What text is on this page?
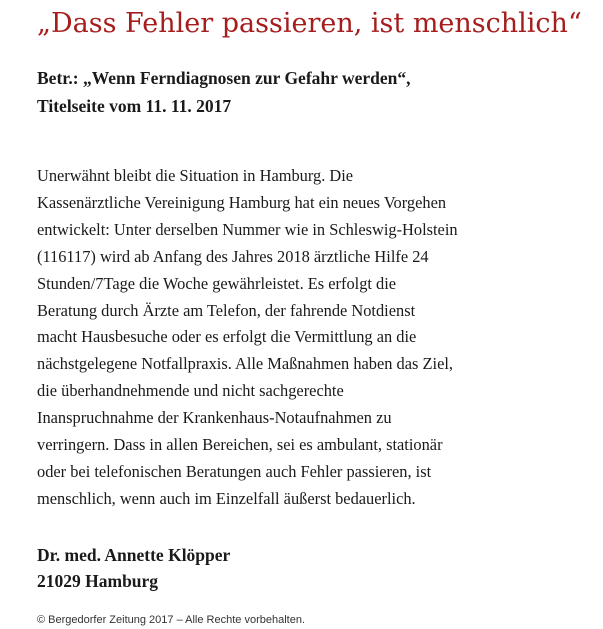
„Dass Fehler passieren, ist menschlich“
Betr.: „Wenn Ferndiagnosen zur Gefahr werden“,
Titelseite vom 11. 11. 2017
Unerwähnt bleibt die Situation in Hamburg. Die
Kassenärztliche Vereinigung Hamburg hat ein neues Vorgehen
entwickelt: Unter derselben Nummer wie in Schleswig-Holstein
(116117) wird ab Anfang des Jahres 2018 ärztliche Hilfe 24
Stunden/7Tage die Woche gewährleistet. Es erfolgt die
Beratung durch Ärzte am Telefon, der fahrende Notdienst
macht Hausbesuche oder es erfolgt die Vermittlung an die
nächstgelegene Notfallpraxis. Alle Maßnahmen haben das Ziel,
die überhandnehmende und nicht sachgerechte
Inanspruchnahme der Krankenhaus-Notaufnahmen zu
verringern. Dass in allen Bereichen, sei es ambulant, stationär
oder bei telefonischen Beratungen auch Fehler passieren, ist
menschlich, wenn auch im Einzelfall äußerst bedauerlich.
Dr. med. Annette Klöpper
21029 Hamburg
© Bergedorfer Zeitung 2017 – Alle Rechte vorbehalten.
